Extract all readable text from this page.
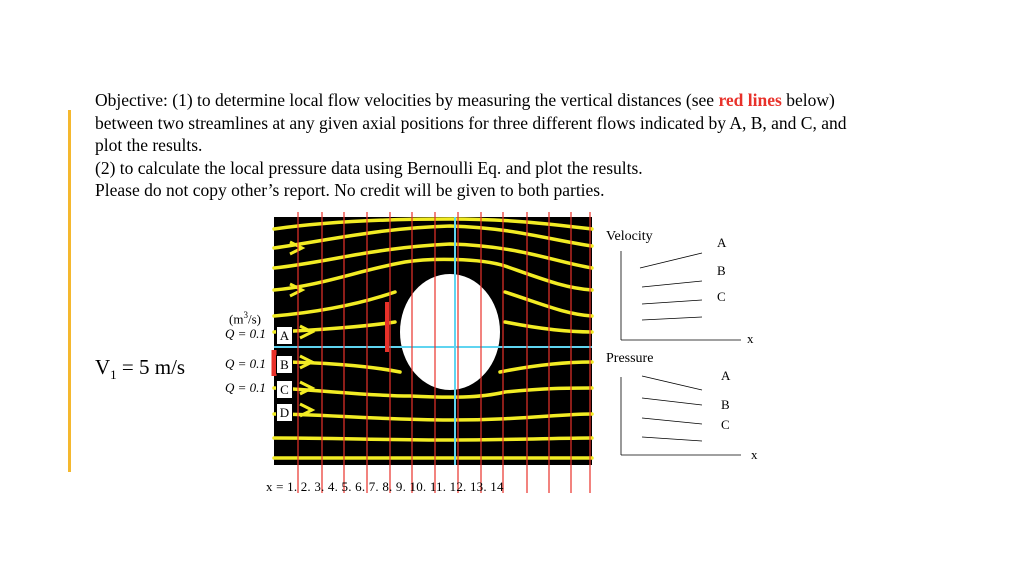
Objective: (1) to determine local flow velocities by measuring the vertical distances (see red lines below)
between two streamlines at any given axial positions for three different flows indicated by A, B, and C, and
plot the results.
(2) to calculate the local pressure data using Bernoulli Eq. and plot the results.
Please do not copy other’s report. No credit will be given to both parties.
$V_1 = 5$ m/s
$(m^3/s)$
Q = 0.1
Q = 0.1
Q = 0.1
A
B
C
D
x = 1. 2. 3. 4. 5. 6. 7. 8. 9. 10. 11. 12. 13. 14
Velocity	A
B
C
x
Pressure
A
B
C
x
